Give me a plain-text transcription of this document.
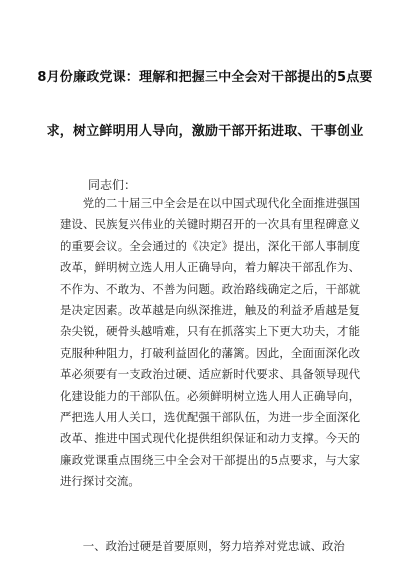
8月份廉政党课：理解和把握三中全会对干部提出的5点要
求，树立鲜明用人导向，激励干部开拓进取、干事创业
同志们：

党的二十届三中全会是在以中国式现代化全面推进强国建设、民族复兴伟业的关键时期召开的一次具有里程碑意义的重要会议。全会通过的《决定》提出，深化干部人事制度改革，鲜明树立选人用人正确导向，着力解决干部乱作为、不作为、不敢为、不善为问题。政治路线确定之后，干部就是决定因素。改革越是向纵深推进，触及的利益矛盾越是复杂尖锐，硬骨头越啃难，只有在抓落实上下更大功夫，才能克服种种阻力，打破利益固化的藩篱。因此，全面面深化改革必须要有一支政治过硬、适应新时代要求、具备领导现代化建设能力的干部队伍。必须鲜明树立选人用人正确导向，严把选人用人关口，选优配强干部队伍，为进一步全面深化改革、推进中国式现代化提供组织保证和动力支撑。今天的廉政党课重点围绕三中全会对干部提出的5点要求，与大家进行探讨交流。

一、政治过硬是首要原则，努力培养对党忠诚、政治
